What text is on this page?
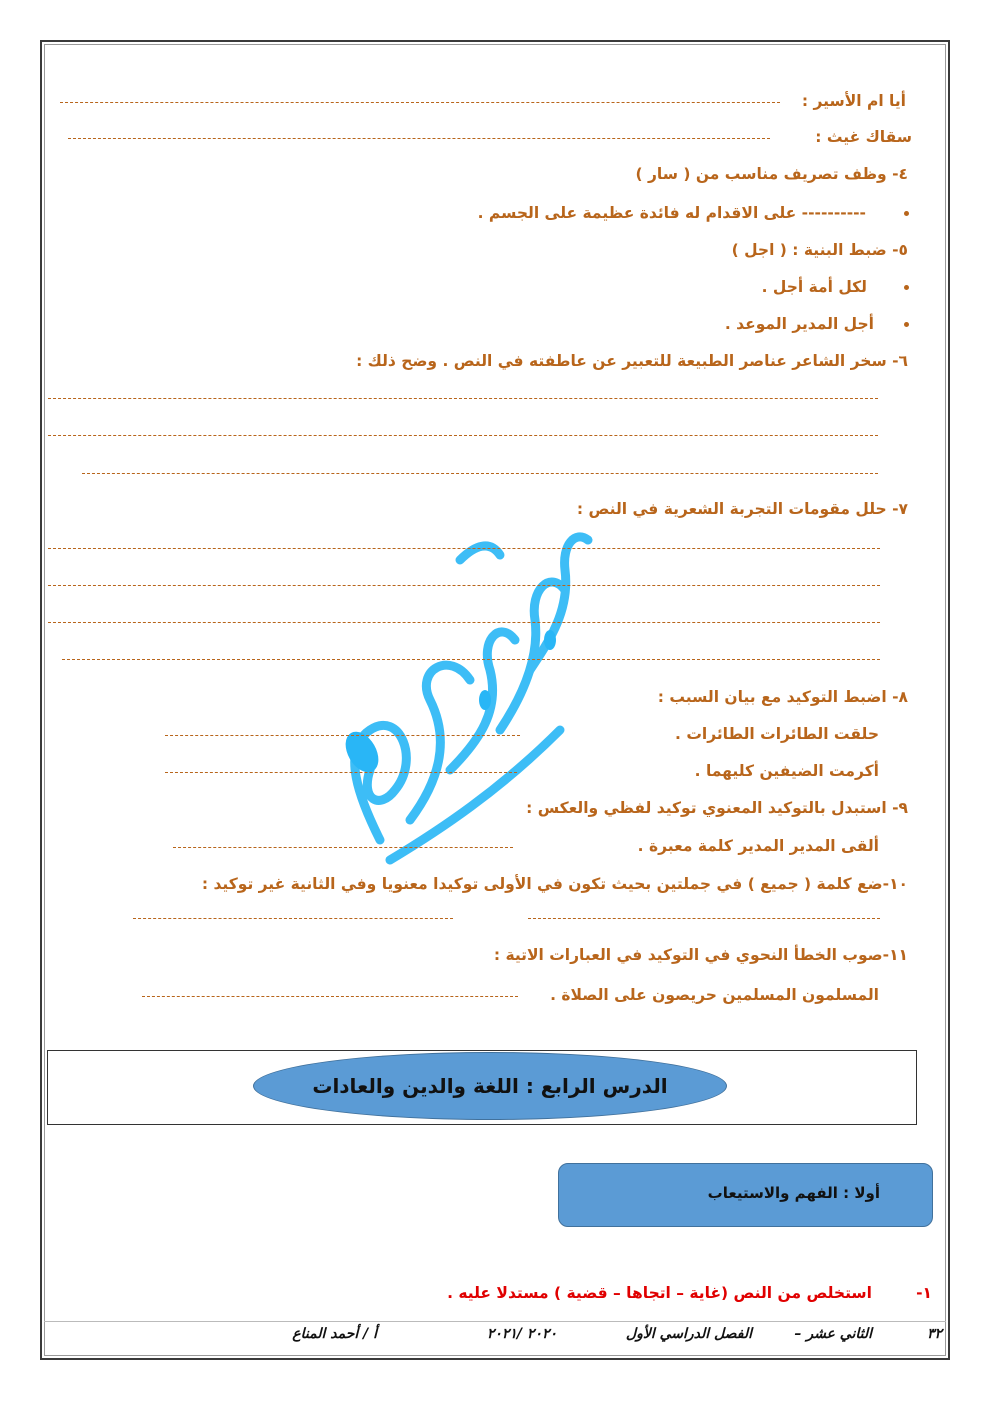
أيا ام الأسير :
سقاك غيث :
٤- وظف تصريف مناسب من ( سار )
---------- على الاقدام له فائدة عظيمة على الجسم .
٥- ضبط البنية : ( اجل )
لكل أمة أجل .
أجل المدير الموعد .
٦- سخر الشاعر عناصر الطبيعة للتعبير عن عاطفته في النص . وضح ذلك :
٧- حلل مقومات التجربة الشعرية في النص :
٨- اضبط التوكيد مع بيان السبب :
حلقت الطائرات الطائرات .
أكرمت الضيفين كليهما .
٩- استبدل بالتوكيد المعنوي توكيد لفظي والعكس :
ألقى المدير المدير كلمة معبرة .
١٠-ضع كلمة ( جميع ) في جملتين بحيث تكون في الأولى توكيدا معنويا وفي الثانية غير توكيد :
١١-صوب الخطأ النحوي في التوكيد في العبارات الاتية :
المسلمون المسلمين حريصون على الصلاة .
الدرس الرابع : اللغة والدين والعادات
أولا : الفهم والاستيعاب
١-
استخلص من النص (غاية – اتجاها – قضية ) مستدلا عليه .
٣٢
الثاني عشر –
الفصل الدراسي الأول
٢٠٢٠ /٢٠٢١
أ / أحمد المناع
